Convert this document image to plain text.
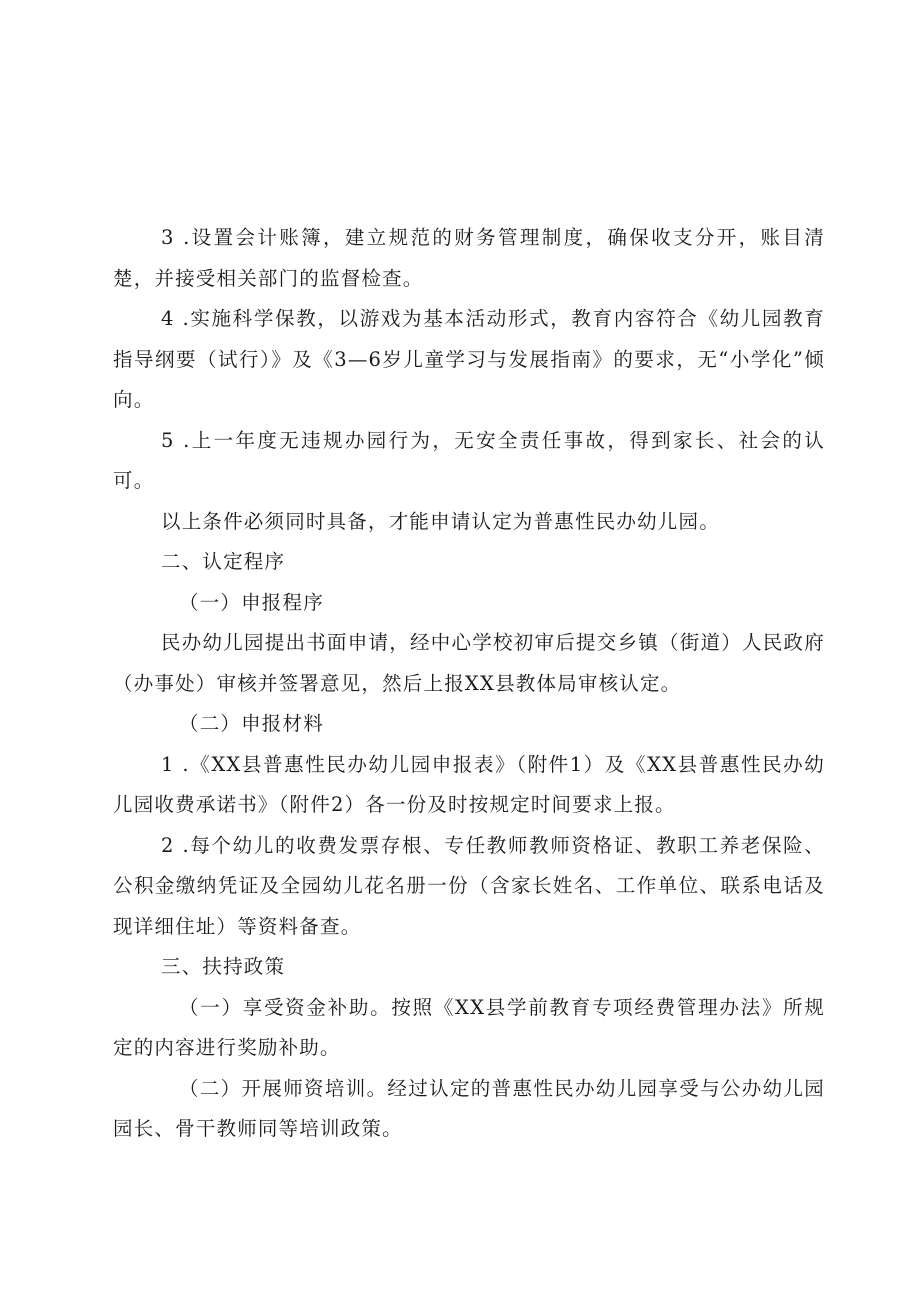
3 .设置会计账簿，建立规范的财务管理制度，确保收支分开，账目清楚，并接受相关部门的监督检查。

4 .实施科学保教，以游戏为基本活动形式，教育内容符合《幼儿园教育指导纲要（试行）》及《3—6岁儿童学习与发展指南》的要求，无“小学化”倾向。

5 .上一年度无违规办园行为，无安全责任事故，得到家长、社会的认可。

以上条件必须同时具备，才能申请认定为普惠性民办幼儿园。

二、认定程序

（一）申报程序

民办幼儿园提出书面申请，经中心学校初审后提交乡镇（街道）人民政府（办事处）审核并签署意见，然后上报XX县教体局审核认定。

（二）申报材料

1 .《XX县普惠性民办幼儿园申报表》（附件1）及《XX县普惠性民办幼儿园收费承诺书》（附件2）各一份及时按规定时间要求上报。

2 .每个幼儿的收费发票存根、专任教师教师资格证、教职工养老保险、公积金缴纳凭证及全园幼儿花名册一份（含家长姓名、工作单位、联系电话及现详细住址）等资料备查。

三、扶持政策

（一）享受资金补助。按照《XX县学前教育专项经费管理办法》所规定的内容进行奖励补助。

（二）开展师资培训。经过认定的普惠性民办幼儿园享受与公办幼儿园园长、骨干教师同等培训政策。
